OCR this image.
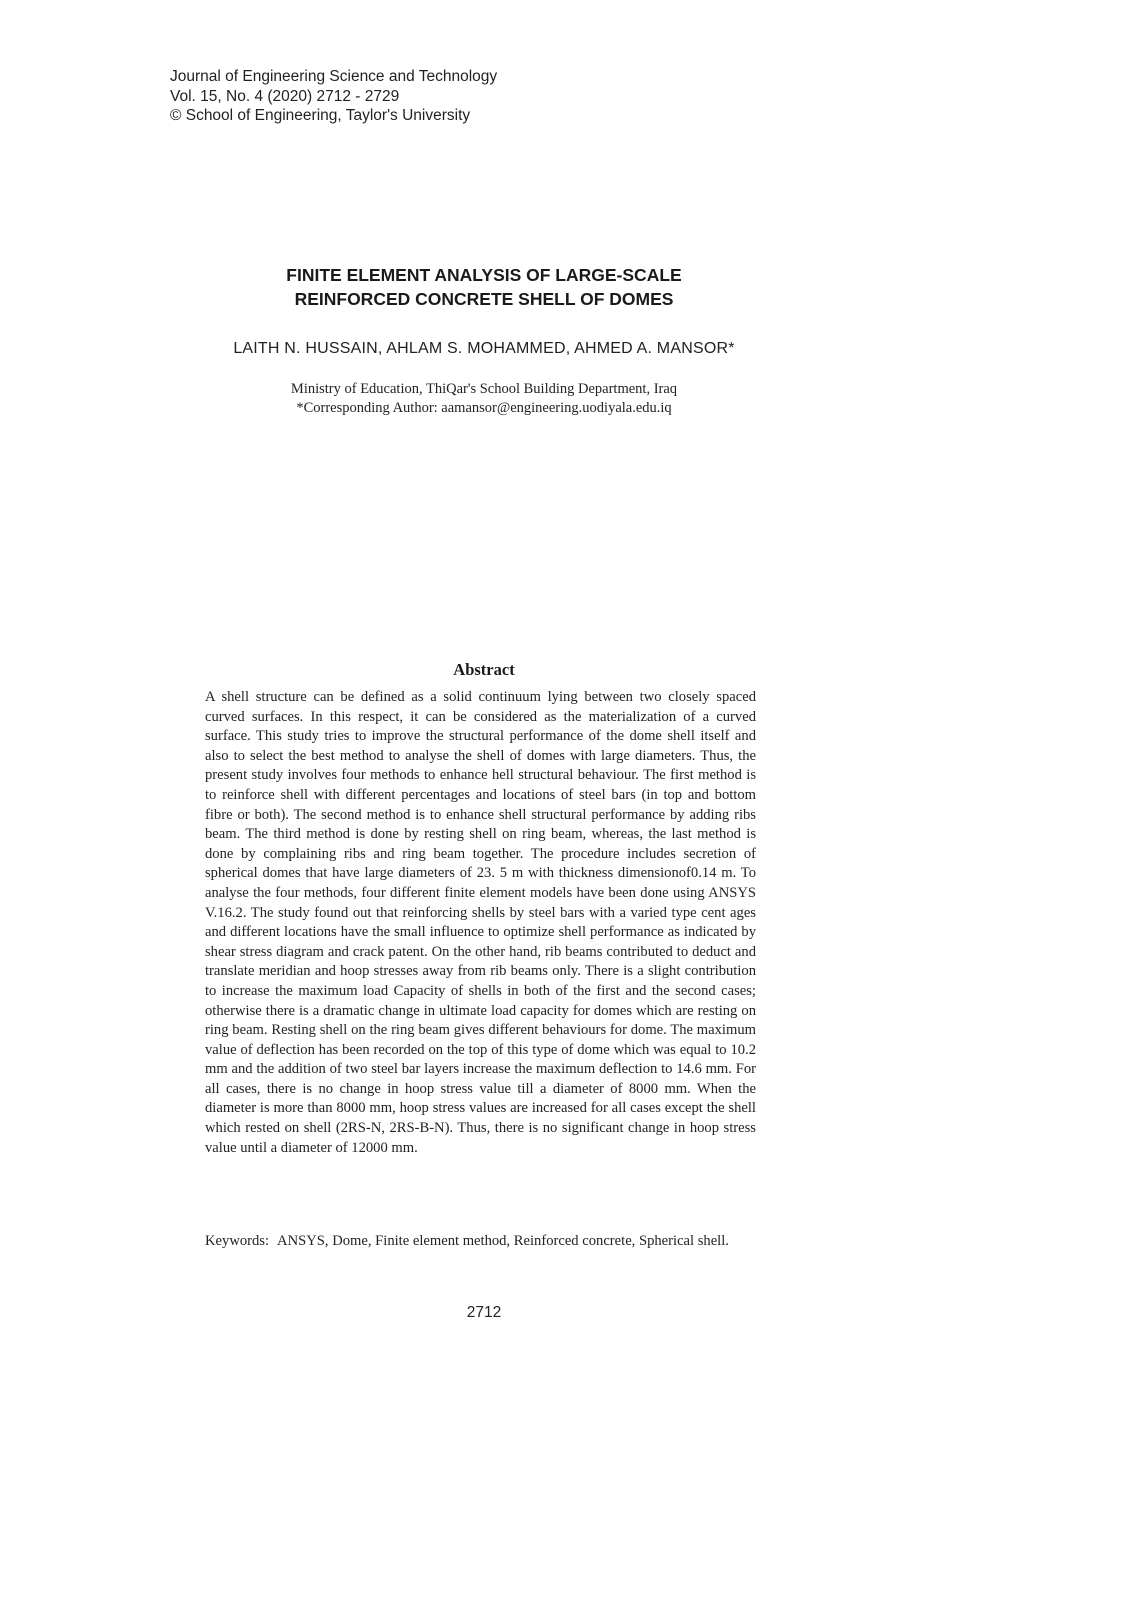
Journal of Engineering Science and Technology
Vol. 15, No. 4 (2020) 2712 - 2729
© School of Engineering, Taylor's University
FINITE ELEMENT ANALYSIS OF LARGE-SCALE
REINFORCED CONCRETE SHELL OF DOMES
LAITH N. HUSSAIN, AHLAM S. MOHAMMED, AHMED A. MANSOR*
Ministry of Education, ThiQar's School Building Department, Iraq
*Corresponding Author: aamansor@engineering.uodiyala.edu.iq
Abstract

A shell structure can be defined as a solid continuum lying between two closely spaced curved surfaces. In this respect, it can be considered as the materialization of a curved surface. This study tries to improve the structural performance of the dome shell itself and also to select the best method to analyse the shell of domes with large diameters. Thus, the present study involves four methods to enhance hell structural behaviour. The first method is to reinforce shell with different percentages and locations of steel bars (in top and bottom fibre or both). The second method is to enhance shell structural performance by adding ribs beam. The third method is done by resting shell on ring beam, whereas, the last method is done by complaining ribs and ring beam together. The procedure includes secretion of spherical domes that have large diameters of 23. 5 m with thickness dimensionof0.14 m. To analyse the four methods, four different finite element models have been done using ANSYS V.16.2. The study found out that reinforcing shells by steel bars with a varied type cent ages and different locations have the small influence to optimize shell performance as indicated by shear stress diagram and crack patent. On the other hand, rib beams contributed to deduct and translate meridian and hoop stresses away from rib beams only. There is a slight contribution to increase the maximum load Capacity of shells in both of the first and the second cases; otherwise there is a dramatic change in ultimate load capacity for domes which are resting on ring beam. Resting shell on the ring beam gives different behaviours for dome. The maximum value of deflection has been recorded on the top of this type of dome which was equal to 10.2 mm and the addition of two steel bar layers increase the maximum deflection to 14.6 mm. For all cases, there is no change in hoop stress value till a diameter of 8000 mm. When the diameter is more than 8000 mm, hoop stress values are increased for all cases except the shell which rested on shell (2RS-N, 2RS-B-N). Thus, there is no significant change in hoop stress value until a diameter of 12000 mm.

Keywords: ANSYS, Dome, Finite element method, Reinforced concrete, Spherical shell.
2712
